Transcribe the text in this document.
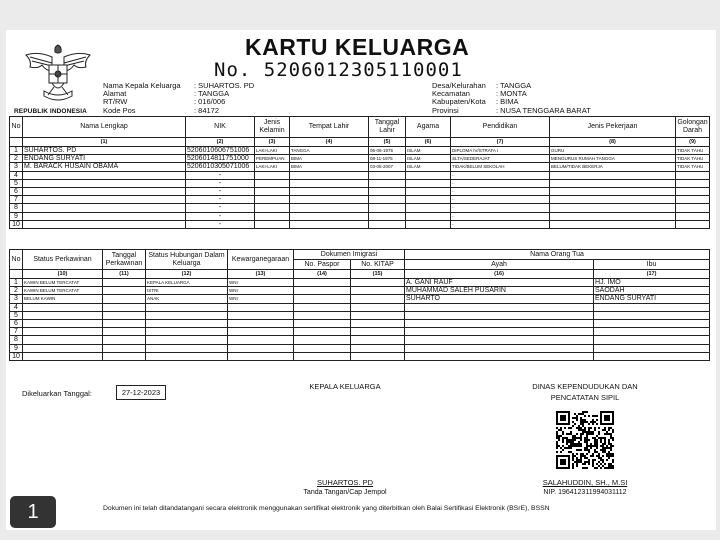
REPUBLIK INDONESIA
KARTU KELUARGA
No. 5206012305110001
Nama Kepala Keluarga	: SUHARTOS. PD
Alamat	: TANGGA
RT/RW	: 016/006
Kode Pos	: 84172
Desa/Kelurahan	: TANGGA
Kecamatan	: MONTA
Kabupaten/Kota	: BIMA
Provinsi	: NUSA TENGGARA BARAT
No	Nama Lengkap	NIK	Jenis Kelamin	Tempat Lahir	Tanggal Lahir	Agama	Pendidikan	Jenis Pekerjaan	Golongan Darah
	(1)	(2)	(3)	(4)	(5)	(6)	(7)	(8)	(9)
1	SUHARTOS. PD	5206010606751006	LAKI-LAKI	TANGGA	06-06-1975	ISLAM	DIPLOMA IV/STRATA I	GURU	TIDAK TAHU
2	ENDANG SURYATI	5206014811751000	PEREMPUAN	BIMA	08-11-1975	ISLAM	SLTA/SEDERAJAT	MENGURUS RUMAH TANGGA	TIDAK TAHU
3	M. BARACK HUSAIN OBAMA	5206010305071006	LAKI-LAKI	BIMA	03-05-2007	ISLAM	TIDAK/BELUM SEKOLAH	BELUM/TIDAK BEKERJA	TIDAK TAHU
4		-					-		
5		-					-		
6		-					-		
7		-					-		
8		-					-		
9		-					-		
10		-					-		
No	Status Perkawinan	Tanggal Perkawinan	Status Hubungan Dalam Keluarga	Kewarganegaraan	Dokumen Imigrasi		Nama Orang Tua	
					No. Paspor	No. KITAP	Ayah	Ibu
	(10)	(11)	(12)	(13)	(14)	(15)	(16)	(17)
1	KAWIN BELUM TERCATAT		KEPALA KELUARGA	WNI			A. GANI RAUF	HJ. IMO
2	KAWIN BELUM TERCATAT		ISTRI	WNI			MUHAMMAD SALEH PUSARIN	SAODAH
3	BELUM KAWIN		ANAK	WNI			SUHARTO	ENDANG SURYATI
4								
5								
6								
7								
8								
9								
10								
Dikeluarkan Tanggal:	27-12-2023
KEPALA KELUARGA
SUHARTOS. PD
Tanda Tangan/Cap Jempol
DINAS KEPENDUDUKAN DAN
PENCATATAN SIPIL
SALAHUDDIN, SH., M.SI
NIP. 196412311994031112
Dokumen ini telah ditandatangani secara elektronik menggunakan sertifikat elektronik yang diterbitkan oleh Balai Sertifikasi Elektronik (BSrE), BSSN
1
